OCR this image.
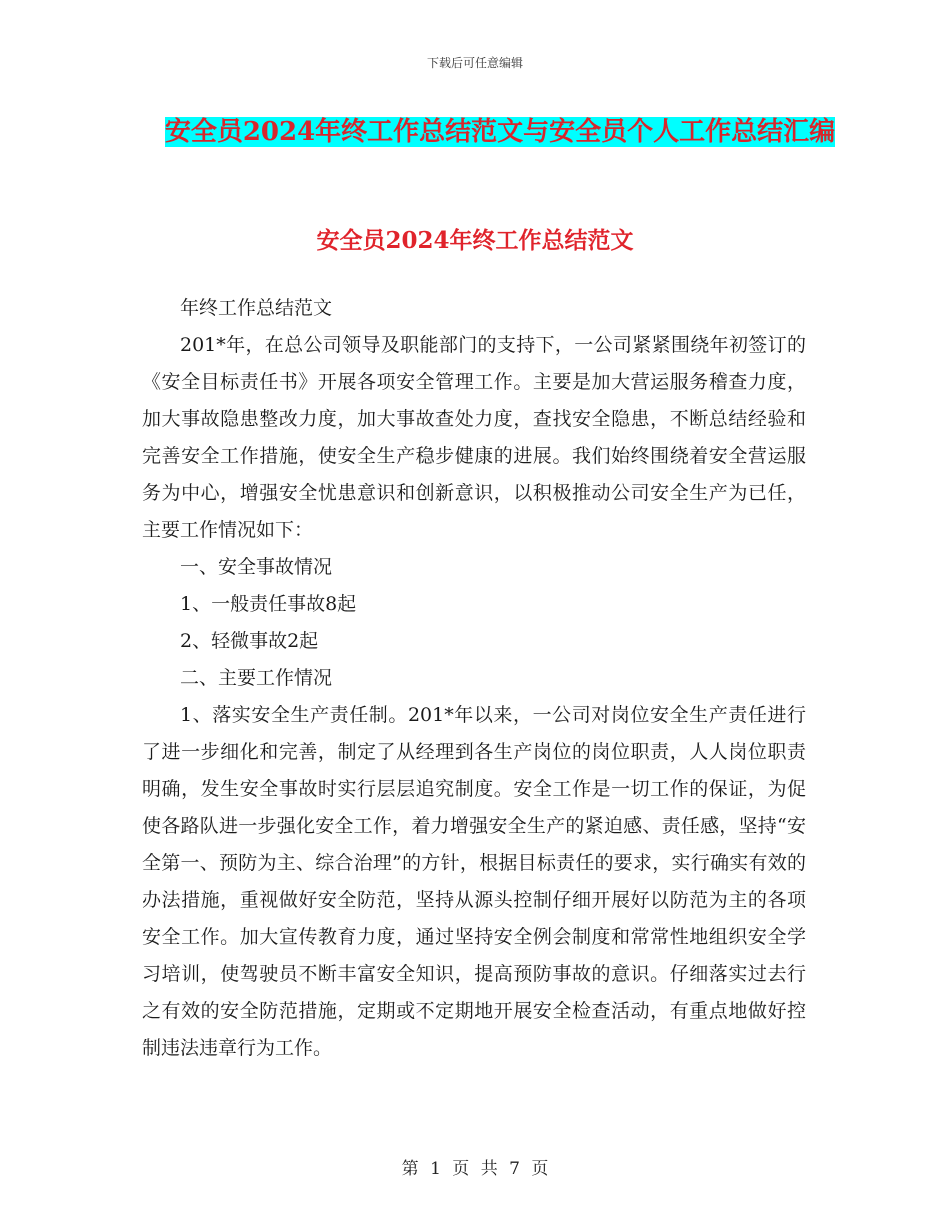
下载后可任意编辑
安全员2024年终工作总结范文与安全员个人工作总结汇编
安全员2024年终工作总结范文

年终工作总结范文

201*年，在总公司领导及职能部门的支持下，一公司紧紧围绕年初签订的《安全目标责任书》开展各项安全管理工作。主要是加大营运服务稽查力度，加大事故隐患整改力度，加大事故查处力度，查找安全隐患，不断总结经验和完善安全工作措施，使安全生产稳步健康的进展。我们始终围绕着安全营运服务为中心，增强安全忧患意识和创新意识，以积极推动公司安全生产为已任，主要工作情况如下：

一、安全事故情况

1、一般责任事故8起

2、轻微事故2起

二、主要工作情况

1、落实安全生产责任制。201*年以来，一公司对岗位安全生产责任进行了进一步细化和完善，制定了从经理到各生产岗位的岗位职责，人人岗位职责明确，发生安全事故时实行层层追究制度。安全工作是一切工作的保证，为促使各路队进一步强化安全工作，着力增强安全生产的紧迫感、责任感，坚持“安全第一、预防为主、综合治理”的方针，根据目标责任的要求，实行确实有效的办法措施，重视做好安全防范，坚持从源头控制仔细开展好以防范为主的各项安全工作。加大宣传教育力度，通过坚持安全例会制度和常常性地组织安全学习培训，使驾驶员不断丰富安全知识，提高预防事故的意识。仔细落实过去行之有效的安全防范措施，定期或不定期地开展安全检查活动，有重点地做好控制违法违章行为工作。

第 1 页 共 7 页
